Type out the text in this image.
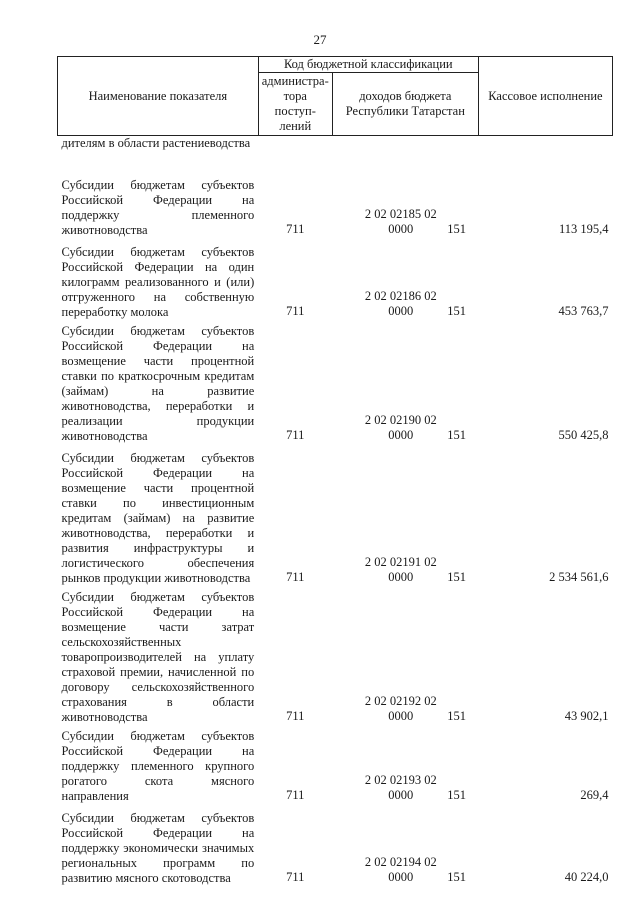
27
Наименование показателя	Код бюджетной классификации			Кассовое исполнение
	администра-тора поступ-лений	доходов бюджета Республики Татарстан		

дителям в области растениеводства				

Субсидии бюджетам субъектов Российской Федерации на поддержку племенного животноводства	711	2 02 02185 02 0000	151	113 195,4

Субсидии бюджетам субъектов Российской Федерации на один килограмм реализованного и (или) отгруженного на собственную переработку молока	711	2 02 02186 02 0000	151	453 763,7

Субсидии бюджетам субъектов Российской Федерации на возмещение части процентной ставки по краткосрочным кредитам (займам) на развитие животноводства, переработки и реализации продукции животноводства	711	2 02 02190 02 0000	151	550 425,8

Субсидии бюджетам субъектов Российской Федерации на возмещение части процентной ставки по инвестиционным кредитам (займам) на развитие животноводства, переработки и развития инфраструктуры и логистического обеспечения рынков продукции животноводства	711	2 02 02191 02 0000	151	2 534 561,6

Субсидии бюджетам субъектов Российской Федерации на возмещение части затрат сельскохозяйственных товаропроизводителей на уплату страховой премии, начисленной по договору сельскохозяйственного страхования в области животноводства	711	2 02 02192 02 0000	151	43 902,1

Субсидии бюджетам субъектов Российской Федерации на поддержку племенного крупного рогатого скота мясного направления	711	2 02 02193 02 0000	151	269,4

Субсидии бюджетам субъектов Российской Федерации на поддержку экономически значимых региональных программ по развитию мясного скотоводства	711	2 02 02194 02 0000	151	40 224,0
